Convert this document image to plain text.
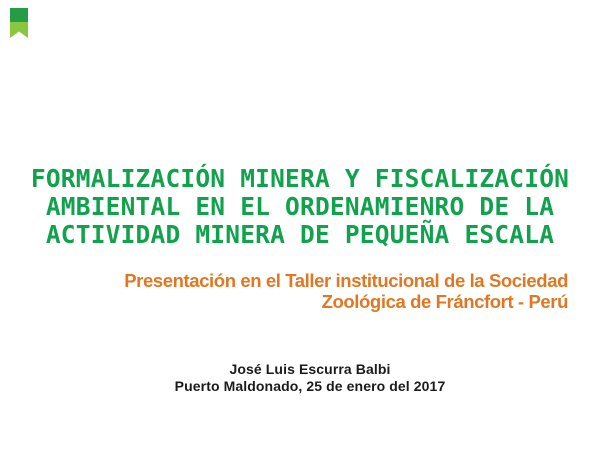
FORMALIZACIÓN MINERA Y FISCALIZACIÓN
AMBIENTAL EN EL ORDENAMIENRO DE LA
ACTIVIDAD MINERA DE PEQUEÑA ESCALA
Presentación en el Taller institucional de la Sociedad
Zoológica de Fráncfort - Perú
José Luis Escurra Balbi
Puerto Maldonado, 25 de enero del 2017
